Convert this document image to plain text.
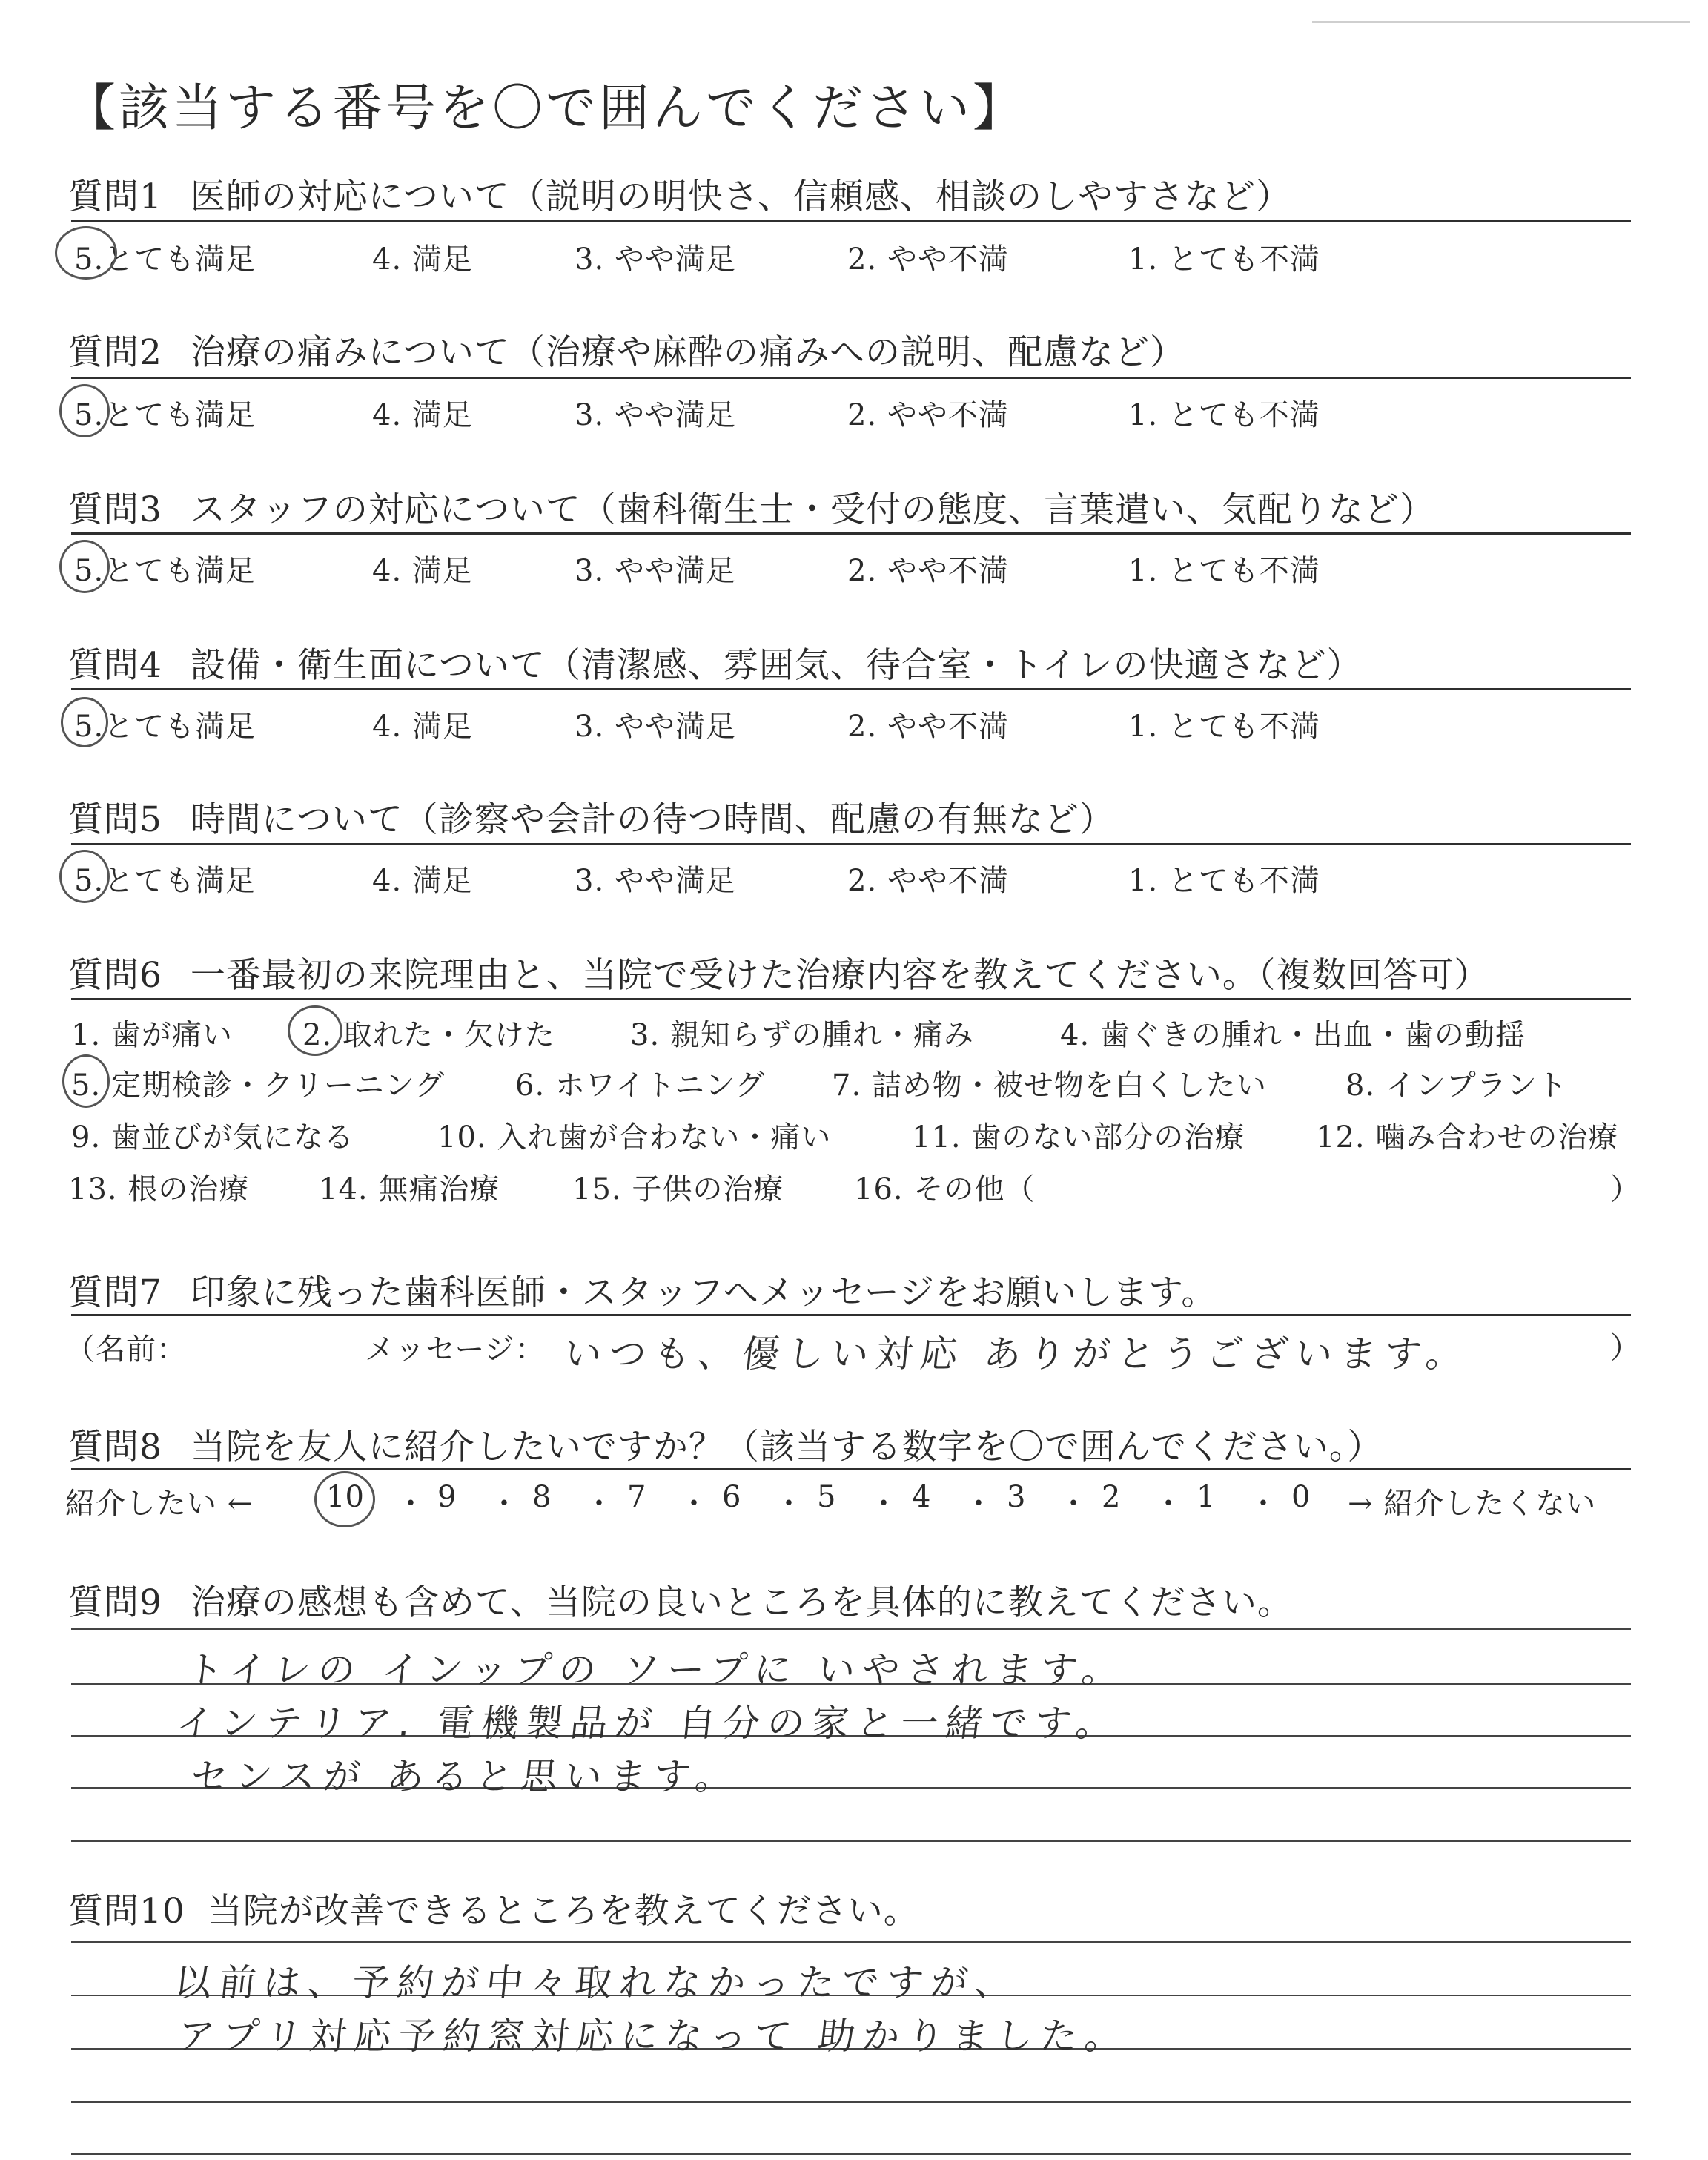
【該当する番号を〇で囲んでください】
質問1 医師の対応について（説明の明快さ、信頼感、相談のしやすさなど）
5.とても満足	4. 満足	3. やや満足	2. やや不満	1. とても不満
質問2 治療の痛みについて（治療や麻酔の痛みへの説明、配慮など）
5.とても満足	4. 満足	3. やや満足	2. やや不満	1. とても不満
質問3 スタッフの対応について（歯科衛生士・受付の態度、言葉遣い、気配りなど）
5.とても満足	4. 満足	3. やや満足	2. やや不満	1. とても不満
質問4 設備・衛生面について（清潔感、雰囲気、待合室・トイレの快適さなど）
5.とても満足	4. 満足	3. やや満足	2. やや不満	1. とても不満
質問5 時間について（診察や会計の待つ時間、配慮の有無など）
5.とても満足	4. 満足	3. やや満足	2. やや不満	1. とても不満
質問6 一番最初の来院理由と、当院で受けた治療内容を教えてください。（複数回答可）
1. 歯が痛い 2. 取れた・欠けた	3. 親知らずの腫れ・痛み	4. 歯ぐきの腫れ・出血・歯の動揺
5. 定期検診・クリーニング 6. ホワイトニング 7. 詰め物・被せ物を白くしたい	8. インプラント
9. 歯並びが気になる	10. 入れ歯が合わない・痛い	11. 歯のない部分の治療 12. 噛み合わせの治療
13. 根の治療 14. 無痛治療 15. 子供の治療 16. その他（	）
質問7 印象に残った歯科医師・スタッフへメッセージをお願いします。
（名前：	メッセージ： いつも、優しい対応 ありがとうございます。	）
質問8 当院を友人に紹介したいですか？（該当する数字を〇で囲んでください。）
紹介したい ← 10 ・ 9 ・ 8 ・ 7 ・ 6 ・ 5 ・ 4 ・ 3 ・ 2 ・ 1 ・ 0 → 紹介したくない
質問9 治療の感想も含めて、当院の良いところを具体的に教えてください。
トイレの インップの ソープに いやされます。
インテリア. 電機製品が 自分の家と一緒です。
センスが あると思います。
質問10 当院が改善できるところを教えてください。
以前は、予約が中々取れなかったですが、
アプリ対応予約窓対応になって 助かりました。
